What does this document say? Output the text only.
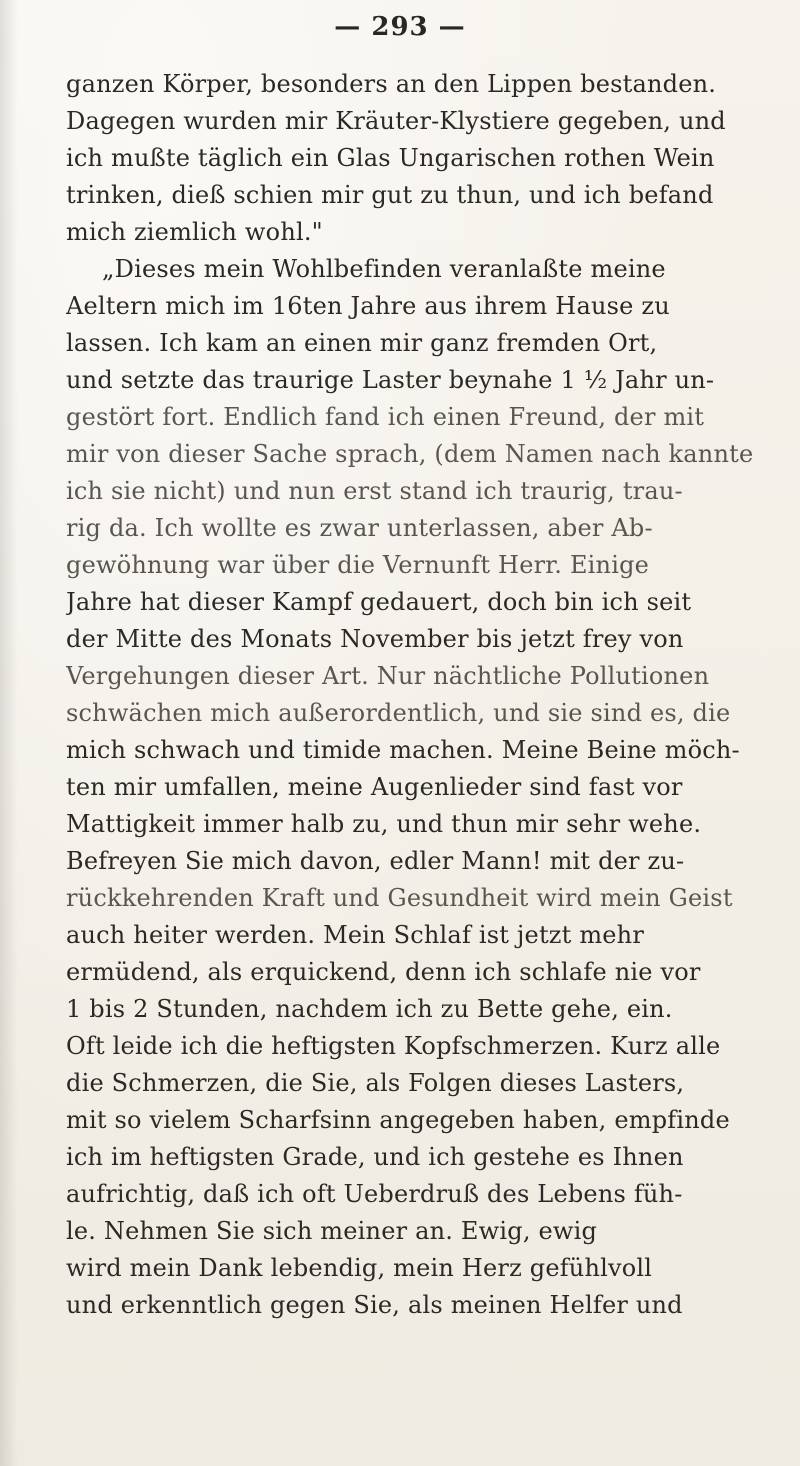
— 293 —
ganzen Körper, besonders an den Lippen bestanden.
Dagegen wurden mir Kräuter-Klystiere gegeben, und
ich mußte täglich ein Glas Ungarischen rothen Wein
trinken, dieß schien mir gut zu thun, und ich befand
mich ziemlich wohl."
„Dieses mein Wohlbefinden veranlaßte meine
Aeltern mich im 16ten Jahre aus ihrem Hause zu
lassen. Ich kam an einen mir ganz fremden Ort,
und setzte das traurige Laster beynahe 1 ½ Jahr un-
gestört fort. Endlich fand ich einen Freund, der mit
mir von dieser Sache sprach, (dem Namen nach kannte
ich sie nicht) und nun erst stand ich traurig, trau-
rig da. Ich wollte es zwar unterlassen, aber Ab-
gewöhnung war über die Vernunft Herr. Einige
Jahre hat dieser Kampf gedauert, doch bin ich seit
der Mitte des Monats November bis jetzt frey von
Vergehungen dieser Art. Nur nächtliche Pollutionen
schwächen mich außerordentlich, und sie sind es, die
mich schwach und timide machen. Meine Beine möch-
ten mir umfallen, meine Augenlieder sind fast vor
Mattigkeit immer halb zu, und thun mir sehr wehe.
Befreyen Sie mich davon, edler Mann! mit der zu-
rückkehrenden Kraft und Gesundheit wird mein Geist
auch heiter werden. Mein Schlaf ist jetzt mehr
ermüdend, als erquickend, denn ich schlafe nie vor
1 bis 2 Stunden, nachdem ich zu Bette gehe, ein.
Oft leide ich die heftigsten Kopfschmerzen. Kurz alle
die Schmerzen, die Sie, als Folgen dieses Lasters,
mit so vielem Scharfsinn angegeben haben, empfinde
ich im heftigsten Grade, und ich gestehe es Ihnen
aufrichtig, daß ich oft Ueberdruß des Lebens füh-
le. Nehmen Sie sich meiner an. Ewig, ewig
wird mein Dank lebendig, mein Herz gefühlvoll
und erkenntlich gegen Sie, als meinen Helfer und
